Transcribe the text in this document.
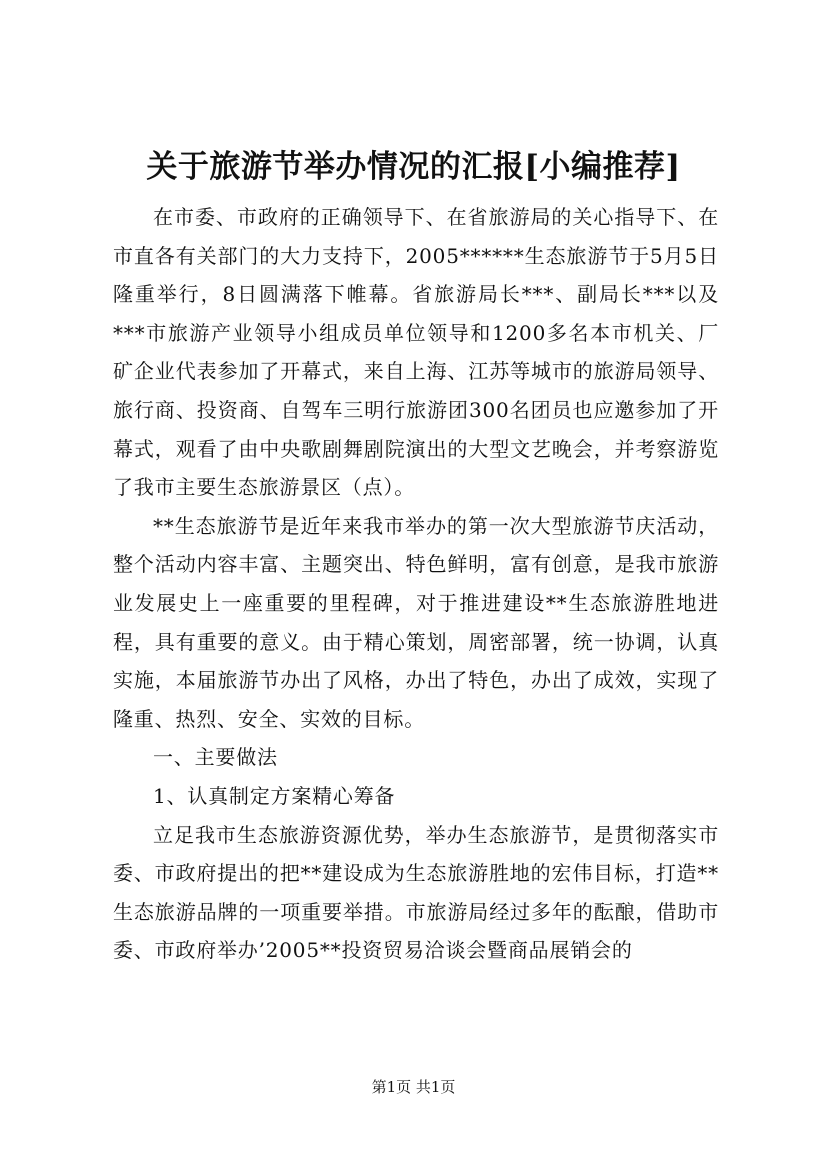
关于旅游节举办情况的汇报[小编推荐]

在市委、市政府的正确领导下、在省旅游局的关心指导下、在市直各有关部门的大力支持下，2005******生态旅游节于5月5日隆重举行，8日圆满落下帷幕。省旅游局长***、副局长***以及***市旅游产业领导小组成员单位领导和1200多名本市机关、厂矿企业代表参加了开幕式，来自上海、江苏等城市的旅游局领导、旅行商、投资商、自驾车三明行旅游团300名团员也应邀参加了开幕式，观看了由中央歌剧舞剧院演出的大型文艺晚会，并考察游览了我市主要生态旅游景区（点）。

**生态旅游节是近年来我市举办的第一次大型旅游节庆活动，整个活动内容丰富、主题突出、特色鲜明，富有创意，是我市旅游业发展史上一座重要的里程碑，对于推进建设**生态旅游胜地进程，具有重要的意义。由于精心策划，周密部署，统一协调，认真实施，本届旅游节办出了风格，办出了特色，办出了成效，实现了隆重、热烈、安全、实效的目标。

一、主要做法

1、认真制定方案精心筹备

立足我市生态旅游资源优势，举办生态旅游节，是贯彻落实市委、市政府提出的把**建设成为生态旅游胜地的宏伟目标，打造**生态旅游品牌的一项重要举措。市旅游局经过多年的酝酿，借助市委、市政府举办’2005**投资贸易洽谈会暨商品展销会的

第1页 共1页
